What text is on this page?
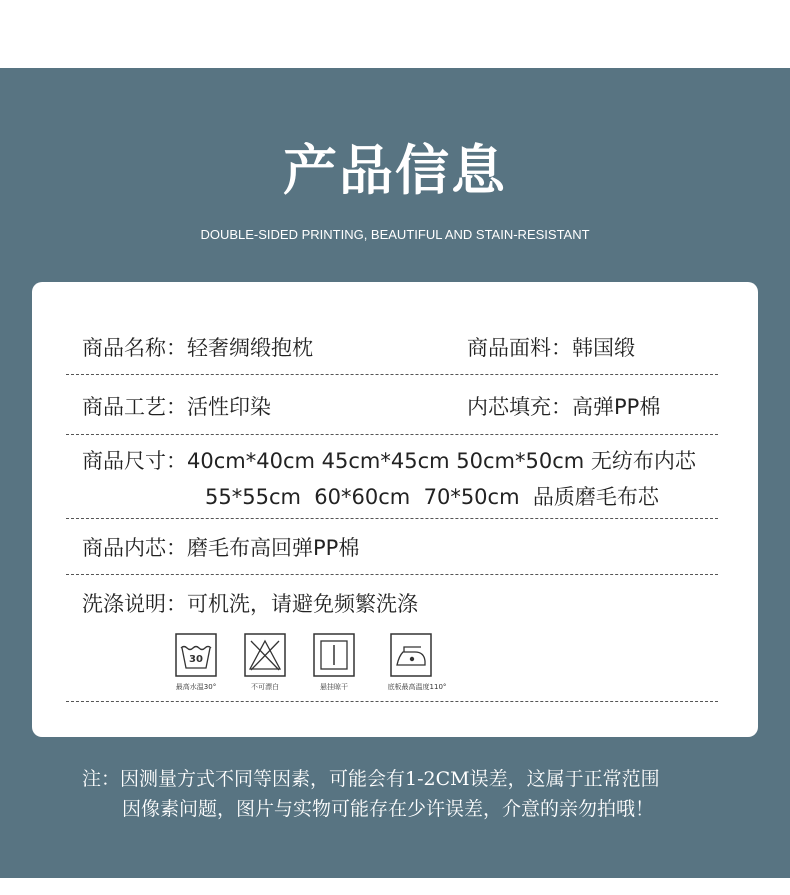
产品信息
DOUBLE-SIDED PRINTING, BEAUTIFUL AND STAIN-RESISTANT
商品名称：轻奢绸缎抱枕	商品面料：韩国缎
商品工艺：活性印染	内芯填充：高弹PP棉
商品尺寸：40cm*40cm 45cm*45cm 50cm*50cm 无纺布内芯
55*55cm  60*60cm  70*50cm  品质磨毛布芯
商品内芯：磨毛布高回弹PP棉
洗涤说明：可机洗，请避免频繁洗涤
30
最高水温30°	不可漂白	悬挂晾干	底板最高温度110°
注：因测量方式不同等因素，可能会有1-2CM误差，这属于正常范围
因像素问题，图片与实物可能存在少许误差，介意的亲勿拍哦！
